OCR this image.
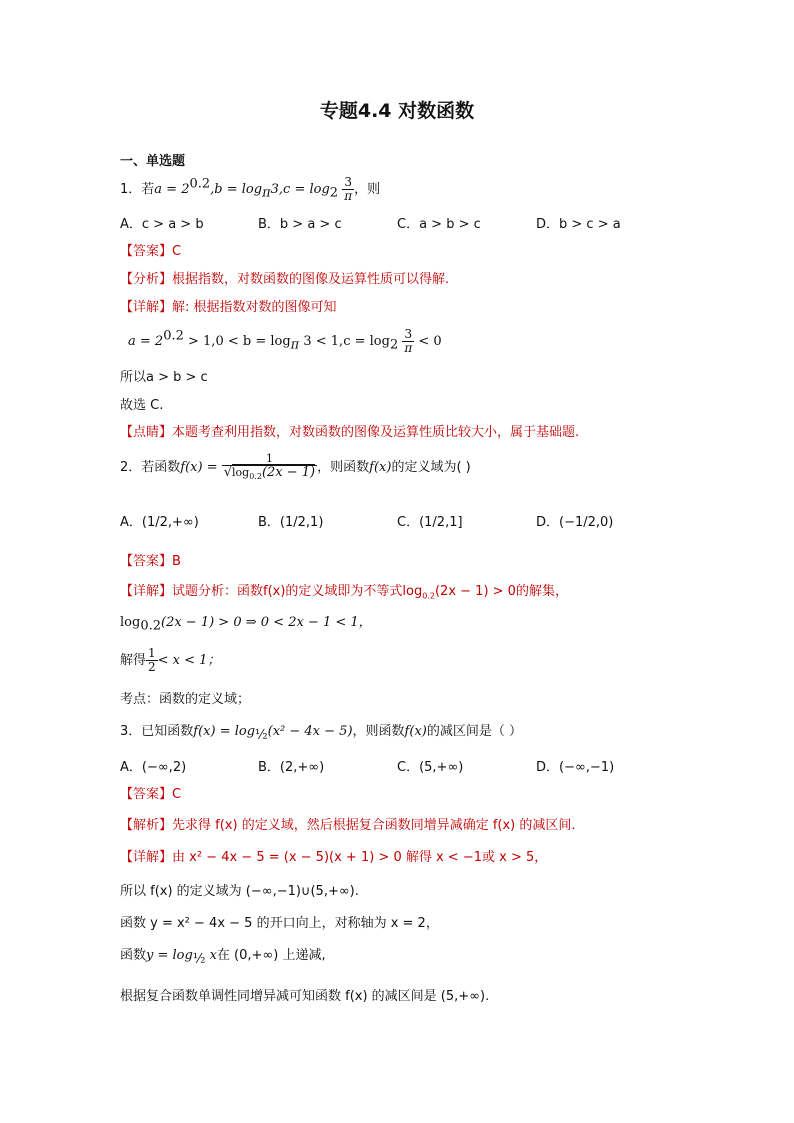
专题4.4 对数函数
一、单选题
1．若$a = 2^{0.2},b = \log_\pi 3,c = \log_2 \frac{3}{\pi}$ ，则
A．c > a > b	B．b > a > c	C．a > b > c	D．b > c > a
【答案】C
【分析】根据指数，对数函数的图像及运算性质可以得解.
【详解】解: 根据指数对数的图像可知
$a = 2^{0.2} > 1,0 < b = \log_\pi 3 < 1,c = \log_2 \frac{3}{\pi} < 0$
所以a > b > c
故选 C.
【点睛】本题考查利用指数，对数函数的图像及运算性质比较大小，属于基础题.
2．若函数$f(x) = \frac{1}{√\log_{0.2}(2x - 1)}$ ，则函数f(x)的定义域为( )
A．(1/2,+∞)	B．(1/2,1)	C．(1/2,1]	D．(−1/2,0)
【答案】B
【详解】试题分析：函数f(x)的定义域即为不等式$\log_{0.2}(2x - 1) > 0$的解集，
$\log_{0.2}(2x - 1) > 0$ ⇒ 0 < 2x − 1 < 1，
解得 $\frac{1}{2} < x < 1$；
考点：函数的定义域；
3．已知函数$f(x) = \log_{\frac{1}{2}}(x^2 - 4x - 5)$，则函数f(x)的减区间是（ ）
A．(−∞,2)	B．(2,+∞)	C．(5,+∞)	D．(−∞,−1)
【答案】C
【解析】先求得 f(x) 的定义域，然后根据复合函数同增异减确定 f(x) 的减区间.
【详解】由 x² − 4x − 5 = (x − 5)(x + 1) > 0 解得 x < −1或 x > 5，
所以 f(x) 的定义域为 (−∞,−1)∪(5,+∞).
函数 y = x² − 4x − 5 的开口向上，对称轴为 x = 2，
函数$y = \log_{\frac{1}{2}} x$在 (0,+∞) 上递减,
根据复合函数单调性同增异减可知函数 f(x) 的减区间是 (5,+∞).
